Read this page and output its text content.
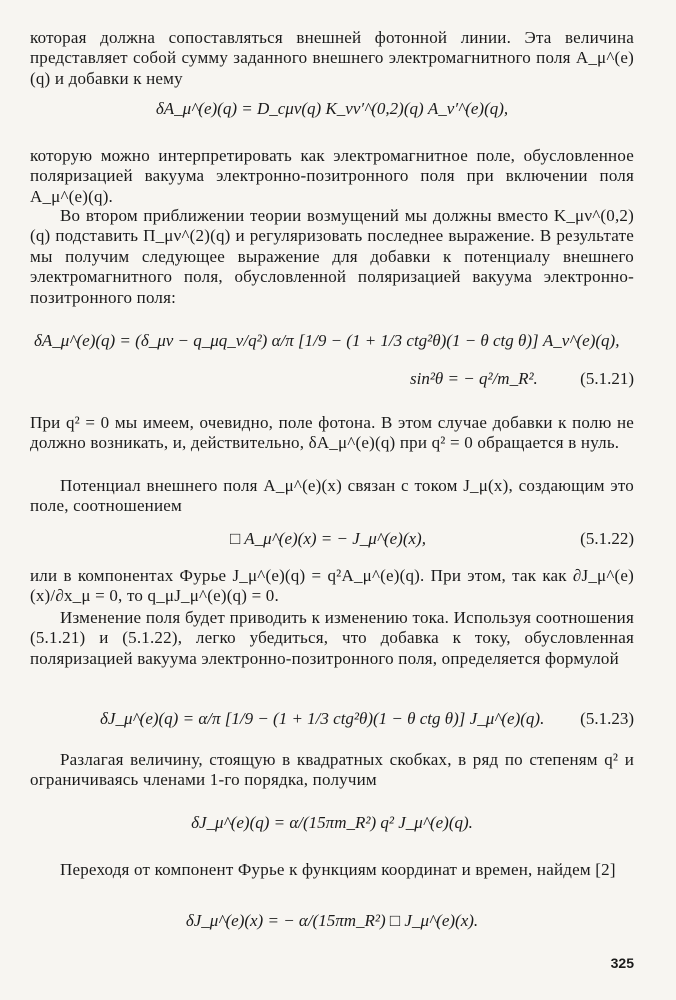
которая должна сопоставляться внешней фотонной линии. Эта величина представляет собой сумму заданного внешнего электромагнитного поля A_μ^(e)(q) и добавки к нему
δA_μ^(e)(q) = D_cμν(q) K_νν′^(0,2)(q) A_ν′^(e)(q),
которую можно интерпретировать как электромагнитное поле, обусловленное поляризацией вакуума электронно-позитронного поля при включении поля A_μ^(e)(q).
Во втором приближении теории возмущений мы должны вместо K_μν^(0,2)(q) подставить Π_μν^(2)(q) и регуляризовать последнее выражение. В результате мы получим следующее выражение для добавки к потенциалу внешнего электромагнитного поля, обусловленной поляризацией вакуума электронно-позитронного поля:
δA_μ^(e)(q) = (δ_μν − q_μq_ν/q²) α/π [1/9 − (1 + 1/3 ctg²θ)(1 − θ ctg θ)] A_ν^(e)(q),
sin²θ = − q²/m_R². (5.1.21)
При q² = 0 мы имеем, очевидно, поле фотона. В этом случае добавки к полю не должно возникать, и, действительно, δA_μ^(e)(q) при q² = 0 обращается в нуль.
Потенциал внешнего поля A_μ^(e)(x) связан с током J_μ(x), создающим это поле, соотношением
□ A_μ^(e)(x) = − J_μ^(e)(x),	(5.1.22)
или в компонентах Фурье J_μ^(e)(q) = q²A_μ^(e)(q). При этом, так как ∂J_μ^(e)(x)/∂x_μ = 0, то q_μJ_μ^(e)(q) = 0.
Изменение поля будет приводить к изменению тока. Используя соотношения (5.1.21) и (5.1.22), легко убедиться, что добавка к току, обусловленная поляризацией вакуума электронно-позитронного поля, определяется формулой
δJ_μ^(e)(q) = α/π [1/9 − (1 + 1/3 ctg²θ)(1 − θ ctg θ)] J_μ^(e)(q). (5.1.23)
Разлагая величину, стоящую в квадратных скобках, в ряд по степеням q² и ограничиваясь членами 1-го порядка, получим
δJ_μ^(e)(q) = α/(15πm_R²) q² J_μ^(e)(q).
Переходя от компонент Фурье к функциям координат и времен, найдем [2]
δJ_μ^(e)(x) = − α/(15πm_R²) □ J_μ^(e)(x).
325
